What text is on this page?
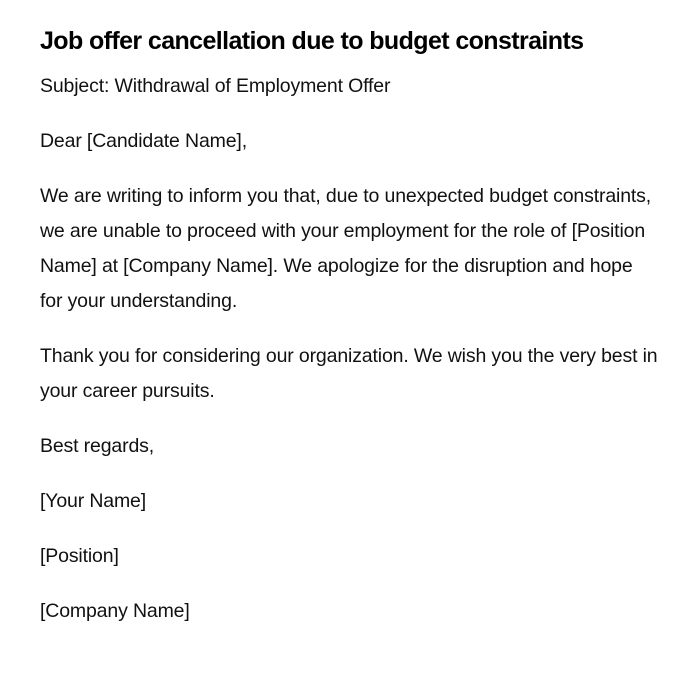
Job offer cancellation due to budget constraints

Subject: Withdrawal of Employment Offer

Dear [Candidate Name],

We are writing to inform you that, due to unexpected budget constraints, we are unable to proceed with your employment for the role of [Position Name] at [Company Name]. We apologize for the disruption and hope for your understanding.

Thank you for considering our organization. We wish you the very best in your career pursuits.

Best regards,

[Your Name]

[Position]

[Company Name]
